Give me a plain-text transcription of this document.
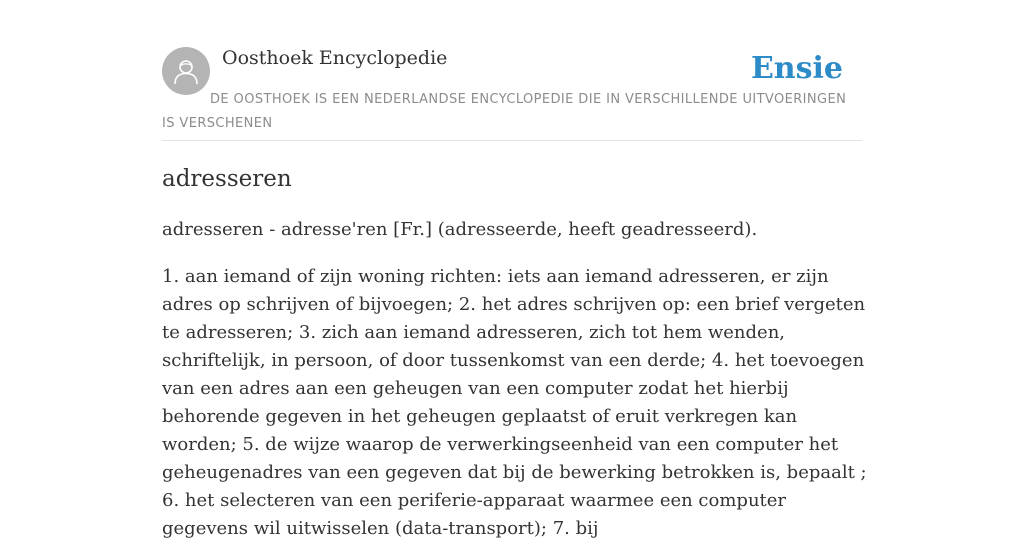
Oosthoek Encyclopedie	Ensie
DE OOSTHOEK IS EEN NEDERLANDSE ENCYCLOPEDIE DIE IN VERSCHILLENDE UITVOERINGEN IS VERSCHENEN
adresseren

adresseren - adresse'ren [Fr.] (adresseerde, heeft geadresseerd).

1. aan iemand of zijn woning richten: iets aan iemand adresseren, er zijn adres op schrijven of bijvoegen; 2. het adres schrijven op: een brief vergeten te adresseren; 3. zich aan iemand adresseren, zich tot hem wenden, schriftelijk, in persoon, of door tussenkomst van een derde; 4. het toevoegen van een adres aan een geheugen van een computer zodat het hierbij behorende gegeven in het geheugen geplaatst of eruit verkregen kan worden; 5. de wijze waarop de verwerkingseenheid van een computer het geheugenadres van een gegeven dat bij de bewerking betrokken is, bepaalt ; 6. het selecteren van een periferie-apparaat waarmee een computer gegevens wil uitwisselen (data-transport); 7. bij
